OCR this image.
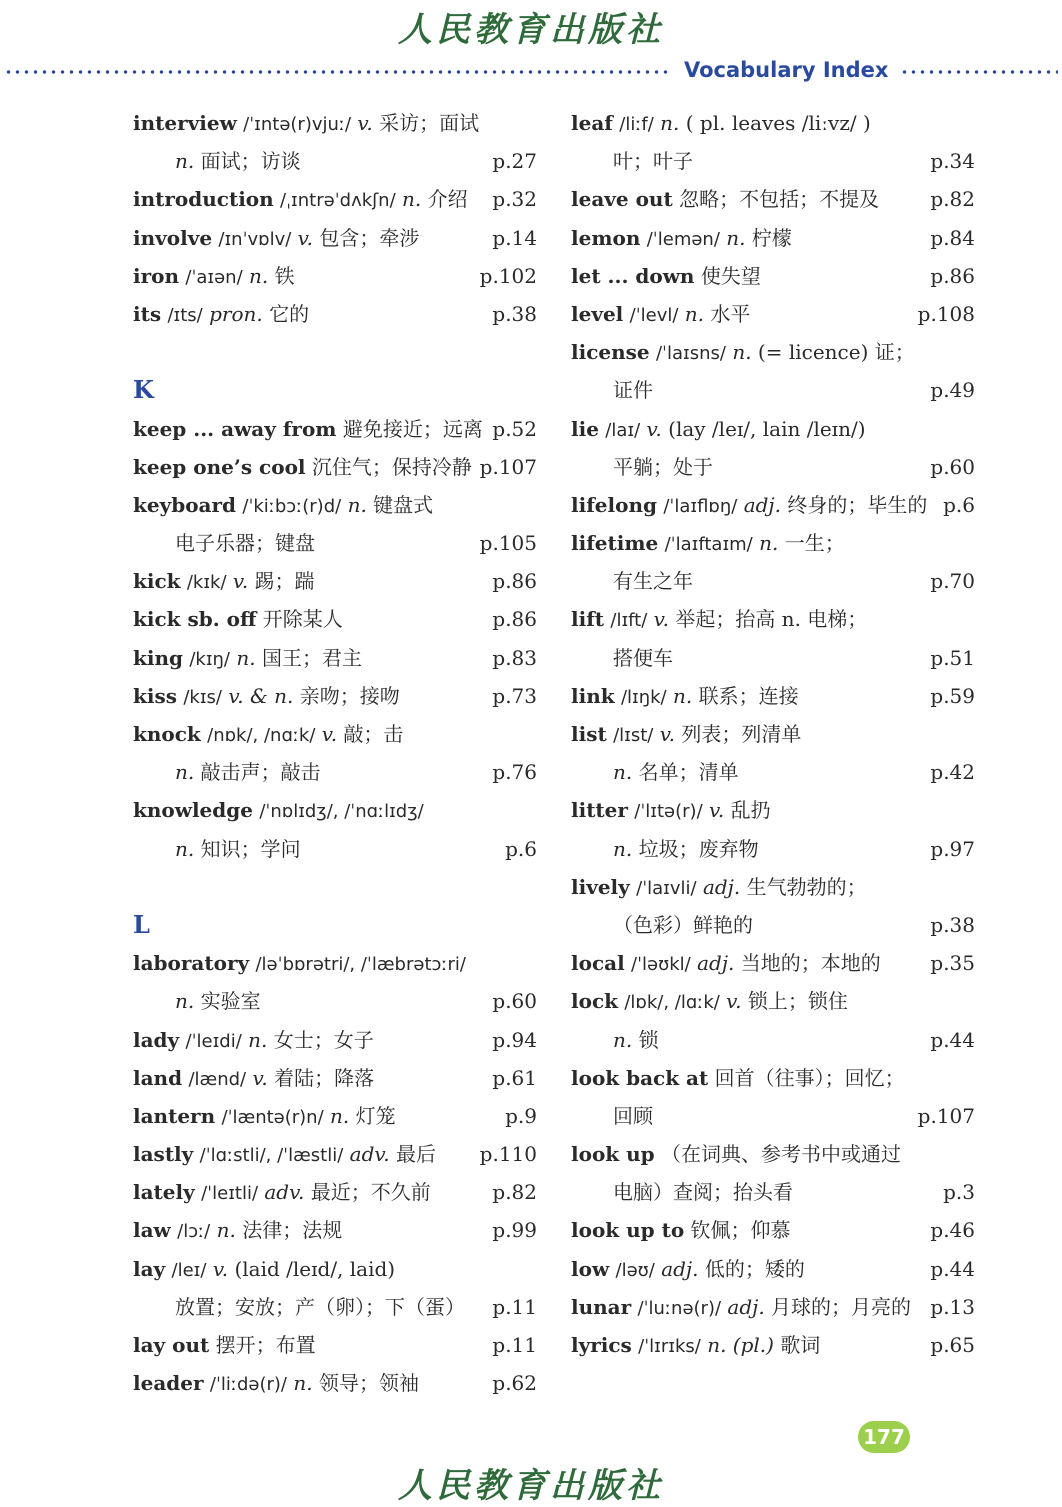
人民教育出版社
Vocabulary Index
interview /ˈɪntə(r)vjuː/ v. 采访；面试
n. 面试；访谈	p.27
introduction /ˌɪntrəˈdʌkʃn/ n. 介绍 p.32
involve /ɪnˈvɒlv/ v. 包含；牵涉	p.14
iron /ˈaɪən/ n. 铁	p.102
its /ɪts/ pron. 它的	p.38
K
keep ... away from 避免接近；远离 p.52
keep one’s cool 沉住气；保持冷静 p.107
keyboard /ˈkiːbɔː(r)d/ n. 键盘式
电子乐器；键盘	p.105
kick /kɪk/ v. 踢；踹	p.86
kick sb. off 开除某人	p.86
king /kɪŋ/ n. 国王；君主	p.83
kiss /kɪs/ v. & n. 亲吻；接吻	p.73
knock /nɒk/, /nɑːk/ v. 敲；击
n. 敲击声；敲击	p.76
knowledge /ˈnɒlɪdʒ/, /ˈnɑːlɪdʒ/
n. 知识；学问	p.6
L
laboratory /ləˈbɒrətri/, /ˈlæbrətɔːri/
n. 实验室	p.60
lady /ˈleɪdi/ n. 女士；女子	p.94
land /lænd/ v. 着陆；降落	p.61
lantern /ˈlæntə(r)n/ n. 灯笼	p.9
lastly /ˈlɑːstli/, /ˈlæstli/ adv. 最后 p.110
lately /ˈleɪtli/ adv. 最近；不久前	p.82
law /lɔː/ n. 法律；法规	p.99
lay /leɪ/ v. (laid /leɪd/, laid)
放置；安放；产（卵）；下（蛋） p.11
lay out 摆开；布置	p.11
leader /ˈliːdə(r)/ n. 领导；领袖	p.62
leaf /liːf/ n. ( pl. leaves /liːvz/ )
叶；叶子	p.34
leave out 忽略；不包括；不提及	p.82
lemon /ˈlemən/ n. 柠檬	p.84
let ... down 使失望	p.86
level /ˈlevl/ n. 水平	p.108
license /ˈlaɪsns/ n. (= licence) 证；
证件	p.49
lie /laɪ/ v. (lay /leɪ/, lain /leɪn/)
平躺；处于	p.60
lifelong /ˈlaɪflɒŋ/ adj. 终身的；毕生的 p.6
lifetime /ˈlaɪftaɪm/ n. 一生；
有生之年	p.70
lift /lɪft/ v. 举起；抬高 n. 电梯；
搭便车	p.51
link /lɪŋk/ n. 联系；连接	p.59
list /lɪst/ v. 列表；列清单
n. 名单；清单	p.42
litter /ˈlɪtə(r)/ v. 乱扔
n. 垃圾；废弃物	p.97
lively /ˈlaɪvli/ adj. 生气勃勃的；
（色彩）鲜艳的	p.38
local /ˈləʊkl/ adj. 当地的；本地的 p.35
lock /lɒk/, /lɑːk/ v. 锁上；锁住
n. 锁	p.44
look back at 回首（往事）；回忆；
回顾	p.107
look up （在词典、参考书中或通过
电脑）查阅；抬头看	p.3
look up to 钦佩；仰慕	p.46
low /ləʊ/ adj. 低的；矮的	p.44
lunar /ˈluːnə(r)/ adj. 月球的；月亮的 p.13
lyrics /ˈlɪrɪks/ n. (pl.) 歌词	p.65
177
人民教育出版社
